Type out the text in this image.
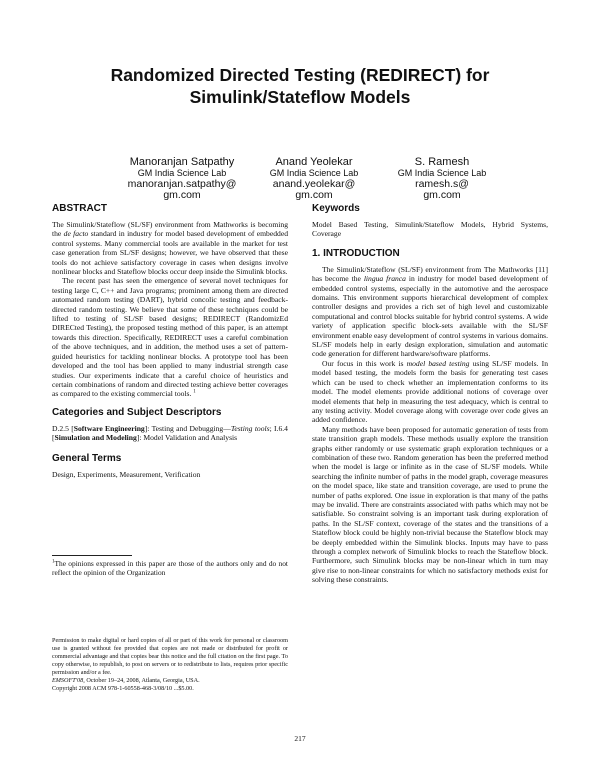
Randomized Directed Testing (REDIRECT) for
Simulink/Stateflow Models
Manoranjan Satpathy
GM India Science Lab
manoranjan.satpathy@
gm.com
Anand Yeolekar
GM India Science Lab
anand.yeolekar@
gm.com
S. Ramesh
GM India Science Lab
ramesh.s@
gm.com
ABSTRACT

The Simulink/Stateflow (SL/SF) environment from Mathworks is becoming the de facto standard in industry for model based development of embedded control systems. Many commercial tools are available in the market for test case generation from SL/SF designs; however, we have observed that these tools do not achieve satisfactory coverage in cases when designs involve nonlinear blocks and Stateflow blocks occur deep inside the Simulink blocks.

The recent past has seen the emergence of several novel techniques for testing large C, C++ and Java programs; prominent among them are directed automated random testing (DART), hybrid concolic testing and feedback-directed random testing. We believe that some of these techniques could be lifted to testing of SL/SF based designs; REDIRECT (RandomizEd DIRECted Testing), the proposed testing method of this paper, is an attempt towards this direction. Specifically, REDIRECT uses a careful combination of the above techniques, and in addition, the method uses a set of pattern-guided heuristics for tackling nonlinear blocks. A prototype tool has been developed and the tool has been applied to many industrial strength case studies. Our experiments indicate that a careful choice of heuristics and certain combinations of random and directed testing achieve better coverages as compared to the existing commercial tools. $^1$

Categories and Subject Descriptors
D.2.5 [Software Engineering]: Testing and Debugging—Testing tools; I.6.4 [Simulation and Modeling]: Model Validation and Analysis
General Terms
Design, Experiments, Measurement, Verification
$^1$The opinions expressed in this paper are those of the authors only and do not reflect the opinion of the Organization
Permission to make digital or hard copies of all or part of this work for personal or classroom use is granted without fee provided that copies are not made or distributed for profit or commercial advantage and that copies bear this notice and the full citation on the first page. To copy otherwise, to republish, to post on servers or to redistribute to lists, requires prior specific permission and/or a fee.
EMSOFT'08, October 19–24, 2008, Atlanta, Georgia, USA.
Copyright 2008 ACM 978-1-60558-468-3/08/10 ...$5.00.
Keywords
Model Based Testing, Simulink/Stateflow Models, Hybrid Systems, Coverage
1. INTRODUCTION

The Simulink/Stateflow (SL/SF) environment from The Mathworks [11] has become the lingua franca in industry for model based development of embedded control systems, especially in the automotive and the aerospace domains. This environment supports hierarchical development of complex controller designs and provides a rich set of high level and customizable computational and control blocks suitable for hybrid control systems. A wide variety of application specific block-sets available with the SL/SF environment enable easy development of control systems in various domains. SL/SF models help in early design exploration, simulation and automatic code generation for different hardware/software platforms.

Our focus in this work is model based testing using SL/SF models. In model based testing, the models form the basis for generating test cases which can be used to check whether an implementation conforms to its model. The model elements provide additional notions of coverage over model elements that help in measuring the test adequacy, which is central to any testing activity. Model coverage along with coverage over code gives an added confidence.

Many methods have been proposed for automatic generation of tests from state transition graph models. These methods usually explore the transition graphs either randomly or use systematic graph exploration techniques or a combination of these two. Random generation has been the preferred method when the model is large or infinite as in the case of SL/SF models. While searching the infinite number of paths in the model graph, coverage measures on the model space, like state and transition coverage, are used to prune the number of paths explored. One issue in exploration is that many of the paths may be invalid. There are constraints associated with paths which may not be satisfiable. So constraint solving is an important task during exploration of paths. In the SL/SF context, coverage of the states and the transitions of a Stateflow block could be highly non-trivial because the Stateflow block may be deeply embedded within the Simulink blocks. Inputs may have to pass through a complex network of Simulink blocks to reach the Stateflow block. Furthermore, such Simulink blocks may be non-linear which in turn may give rise to non-linear constraints for which no satisfactory methods exist for solving these constraints.

217
